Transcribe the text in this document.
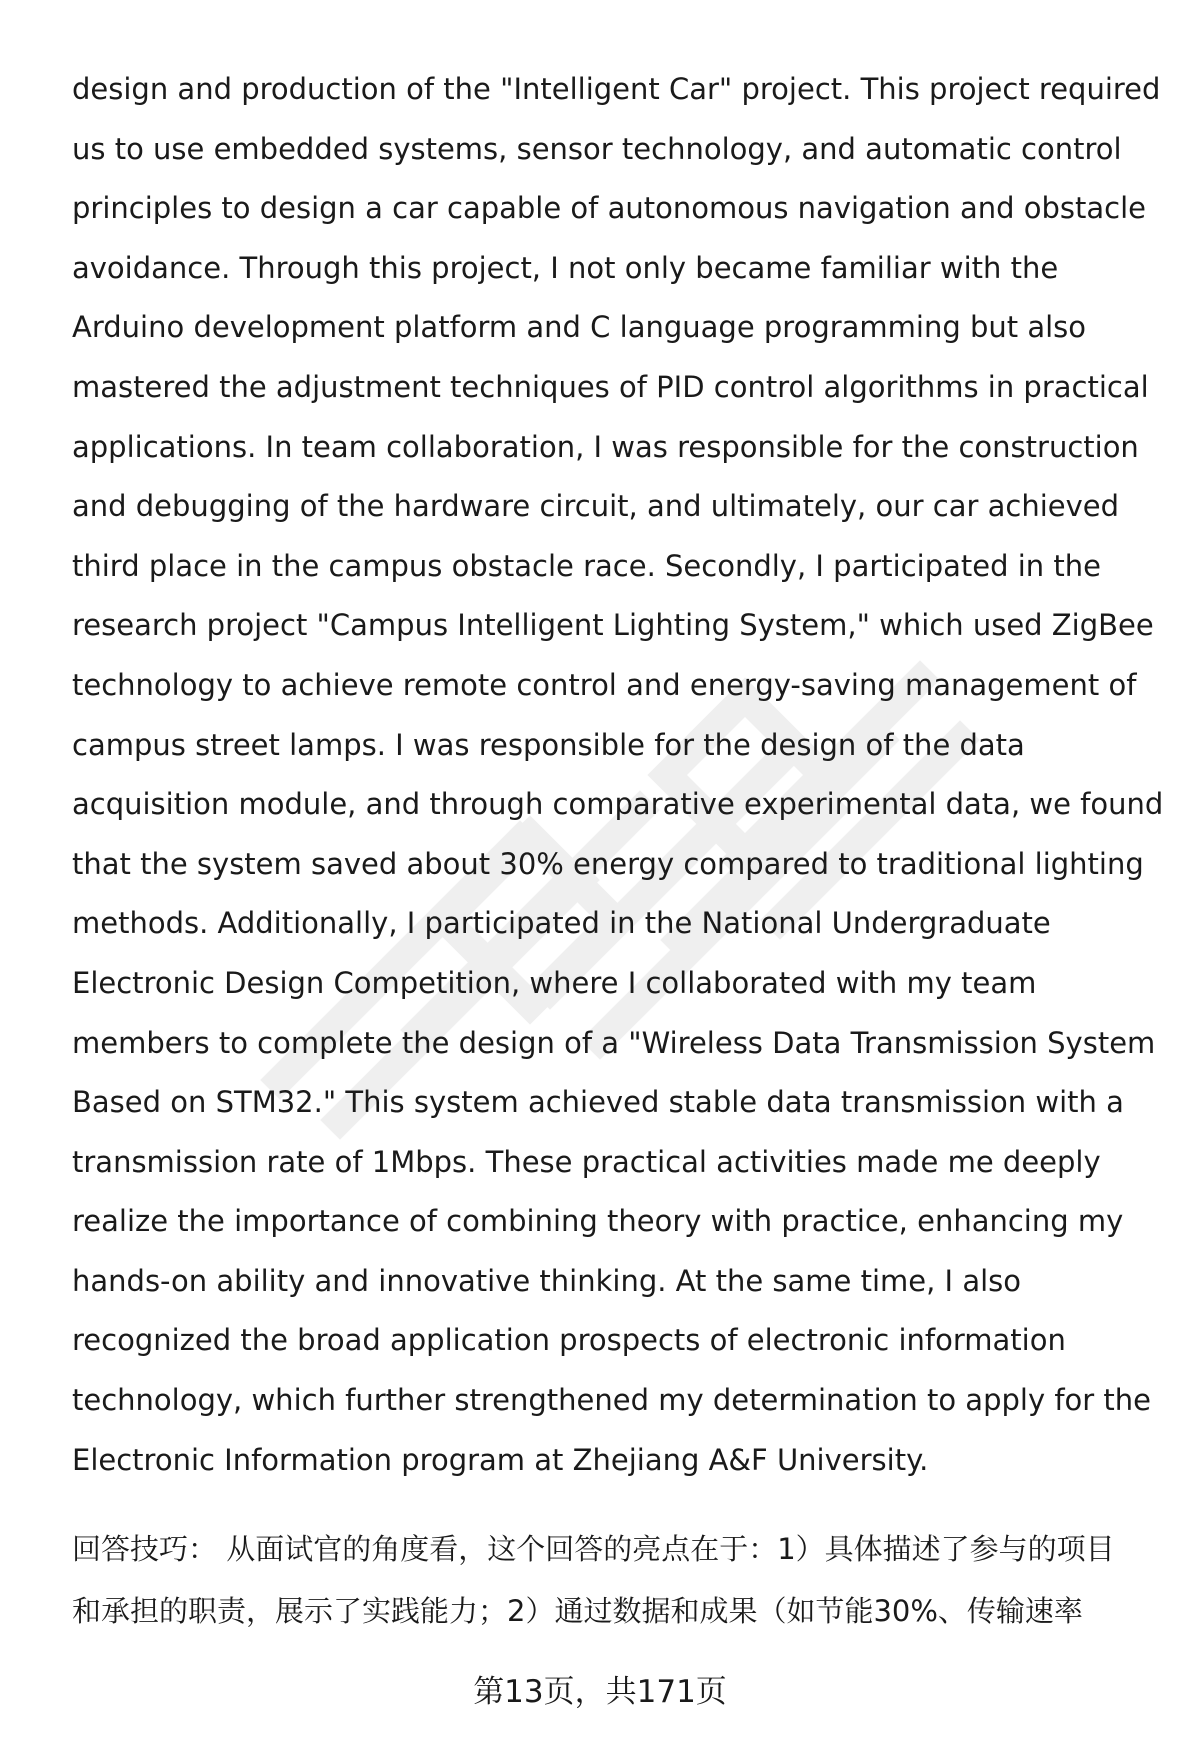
design and production of the "Intelligent Car" project. This project required
us to use embedded systems, sensor technology, and automatic control
principles to design a car capable of autonomous navigation and obstacle
avoidance. Through this project, I not only became familiar with the
Arduino development platform and C language programming but also
mastered the adjustment techniques of PID control algorithms in practical
applications. In team collaboration, I was responsible for the construction
and debugging of the hardware circuit, and ultimately, our car achieved
third place in the campus obstacle race. Secondly, I participated in the
research project "Campus Intelligent Lighting System," which used ZigBee
technology to achieve remote control and energy-saving management of
campus street lamps. I was responsible for the design of the data
acquisition module, and through comparative experimental data, we found
that the system saved about 30% energy compared to traditional lighting
methods. Additionally, I participated in the National Undergraduate
Electronic Design Competition, where I collaborated with my team
members to complete the design of a "Wireless Data Transmission System
Based on STM32." This system achieved stable data transmission with a
transmission rate of 1Mbps. These practical activities made me deeply
realize the importance of combining theory with practice, enhancing my
hands-on ability and innovative thinking. At the same time, I also
recognized the broad application prospects of electronic information
technology, which further strengthened my determination to apply for the
Electronic Information program at Zhejiang A&F University.
回答技巧： 从面试官的角度看，这个回答的亮点在于：1）具体描述了参与的项目
和承担的职责，展示了实践能力；2）通过数据和成果（如节能30%、传输速率
第13页，共171页
